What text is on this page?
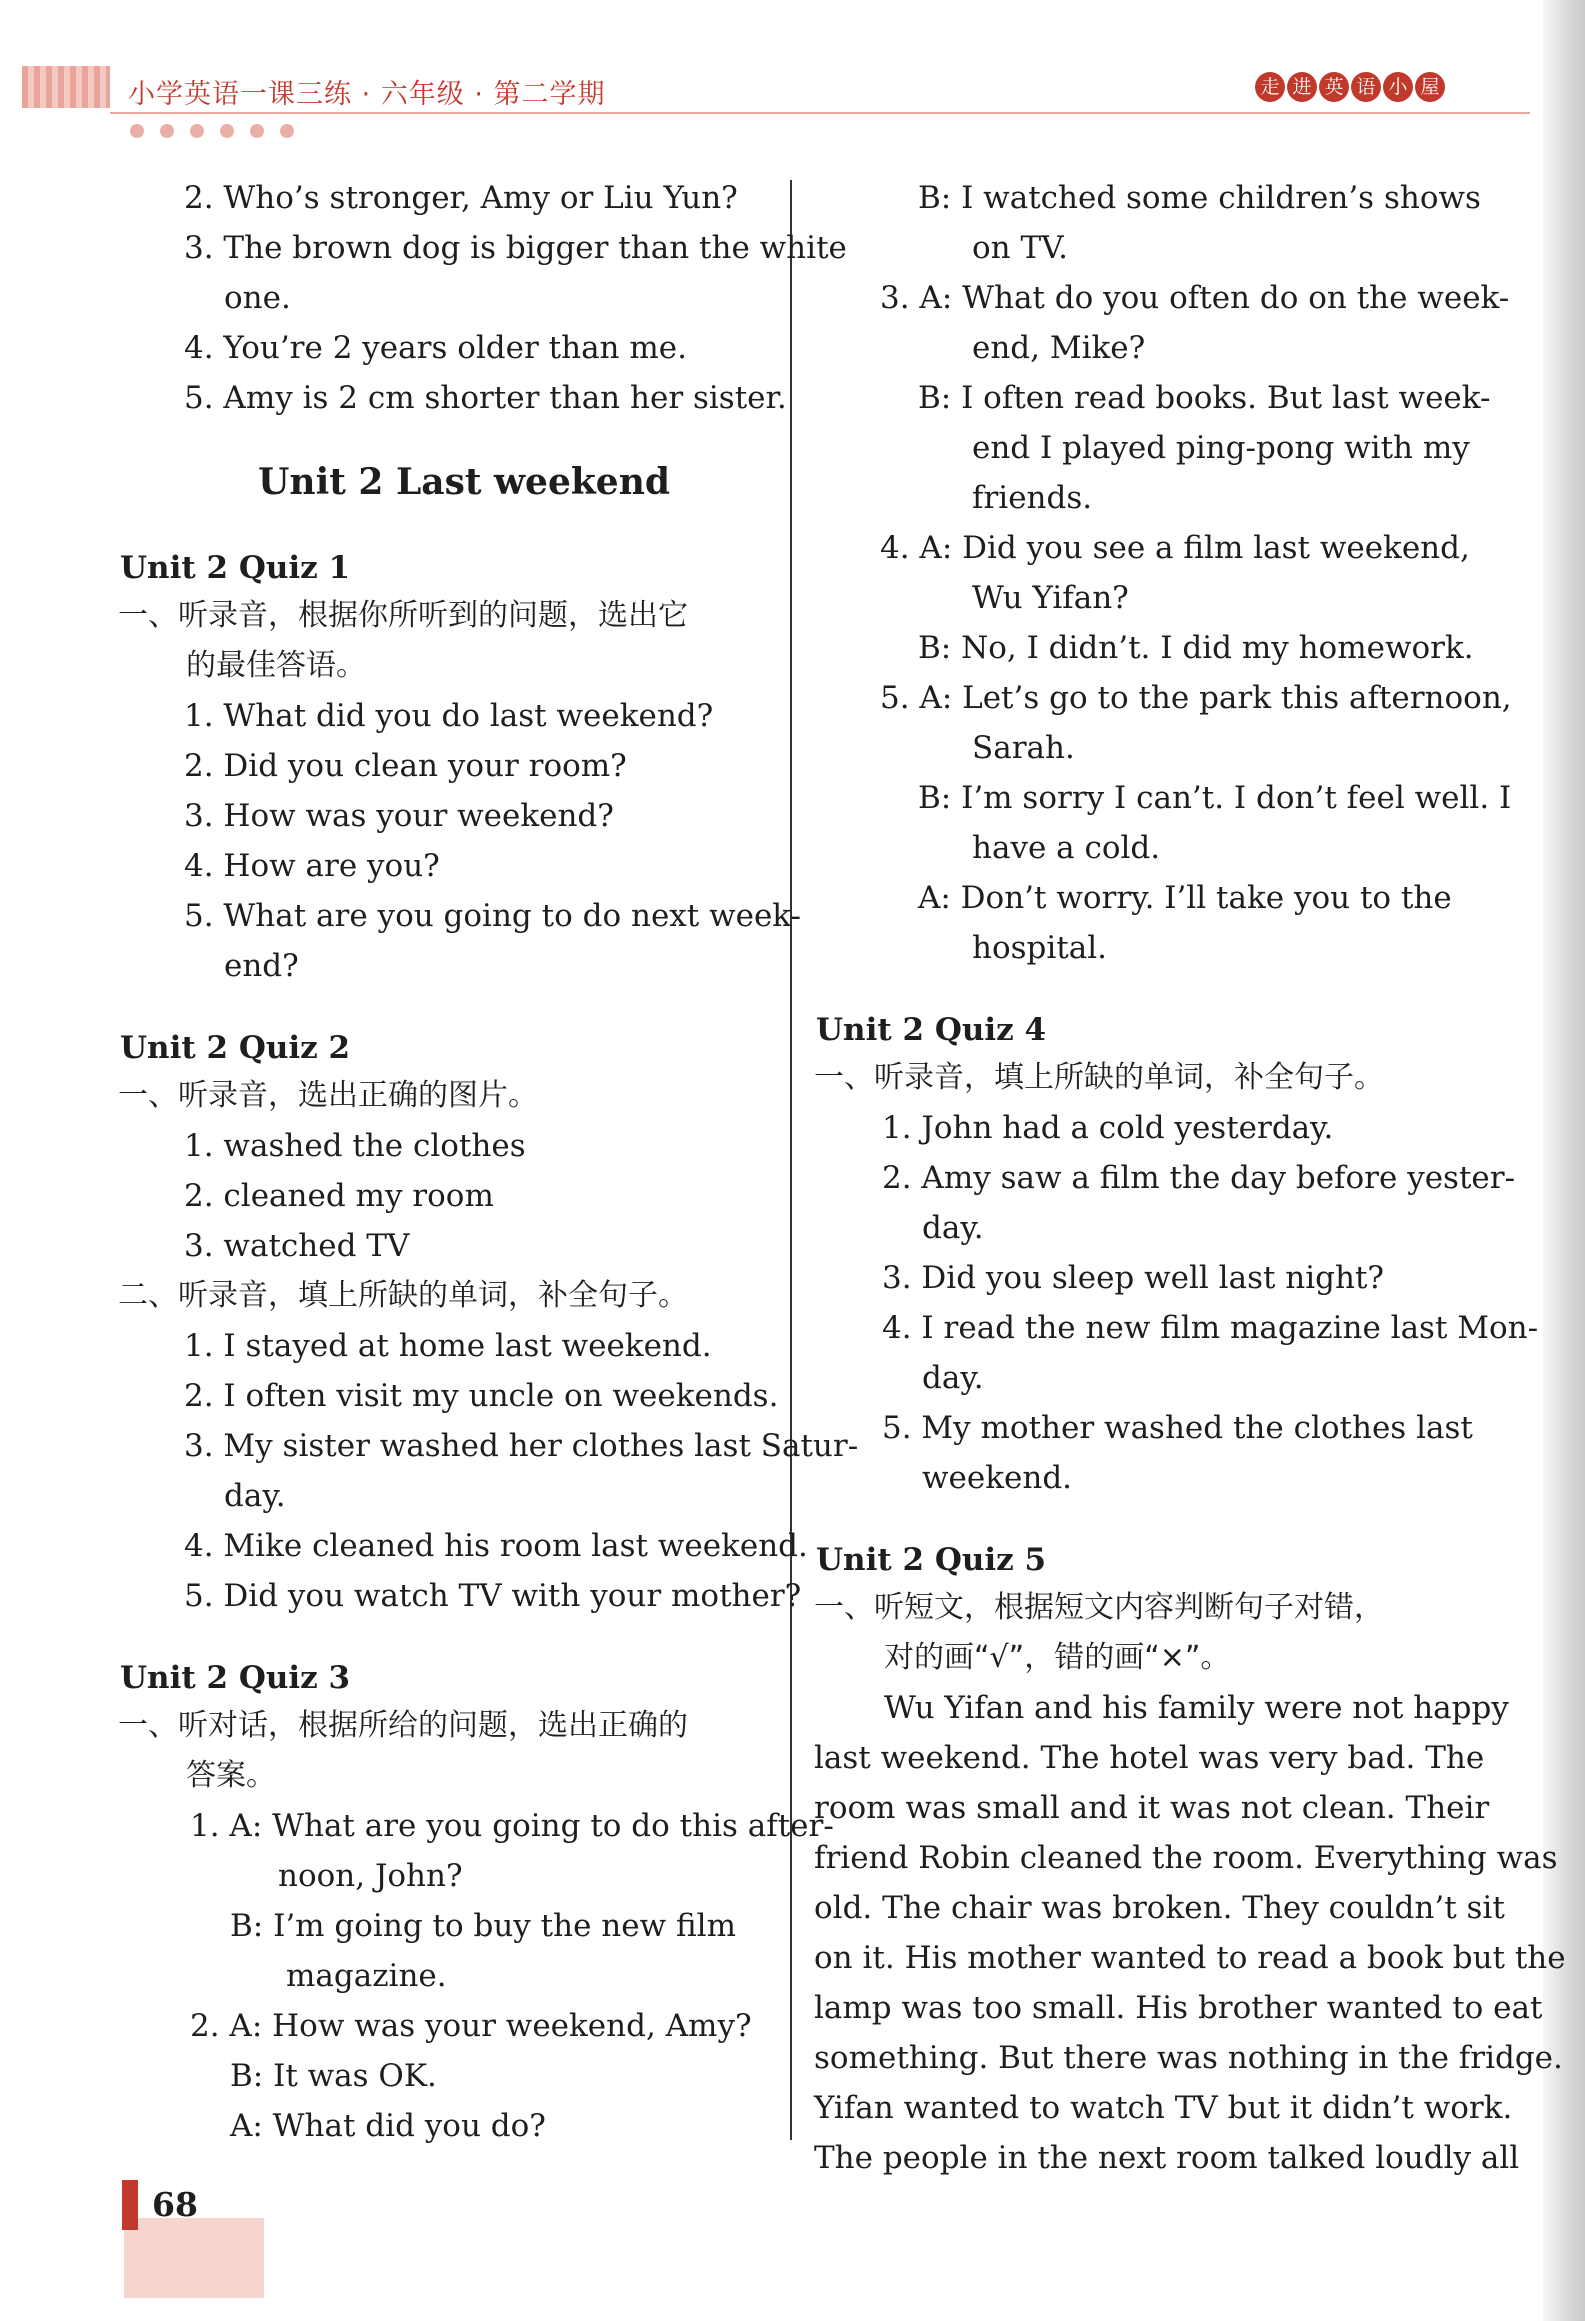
小学英语一课三练 · 六年级 · 第二学期	走 进 英 语 小 屋
2. Who’s stronger, Amy or Liu Yun?
3. The brown dog is bigger than the white
one.
4. You’re 2 years older than me.
5. Amy is 2 cm shorter than her sister.
Unit 2 Last weekend
Unit 2 Quiz 1
一、听录音，根据你所听到的问题，选出它
的最佳答语。
1. What did you do last weekend?
2. Did you clean your room?
3. How was your weekend?
4. How are you?
5. What are you going to do next week-
end?
Unit 2 Quiz 2
一、听录音，选出正确的图片。
1. washed the clothes
2. cleaned my room
3. watched TV
二、听录音，填上所缺的单词，补全句子。
1. I stayed at home last weekend.
2. I often visit my uncle on weekends.
3. My sister washed her clothes last Satur-
day.
4. Mike cleaned his room last weekend.
5. Did you watch TV with your mother?
Unit 2 Quiz 3
一、听对话，根据所给的问题，选出正确的
答案。
1. A: What are you going to do this after-
noon, John?
B: I’m going to buy the new film
magazine.
2. A: How was your weekend, Amy?
B: It was OK.
A: What did you do?
B: I watched some children’s shows
on TV.
3. A: What do you often do on the week-
end, Mike?
B: I often read books. But last week-
end I played ping-pong with my
friends.
4. A: Did you see a film last weekend,
Wu Yifan?
B: No, I didn’t. I did my homework.
5. A: Let’s go to the park this afternoon,
Sarah.
B: I’m sorry I can’t. I don’t feel well. I
have a cold.
A: Don’t worry. I’ll take you to the
hospital.
Unit 2 Quiz 4
一、听录音，填上所缺的单词，补全句子。
1. John had a cold yesterday.
2. Amy saw a film the day before yester-
day.
3. Did you sleep well last night?
4. I read the new film magazine last Mon-
day.
5. My mother washed the clothes last
weekend.
Unit 2 Quiz 5
一、听短文，根据短文内容判断句子对错，
对的画“√”，错的画“×”。
Wu Yifan and his family were not happy
last weekend. The hotel was very bad. The
room was small and it was not clean. Their
friend Robin cleaned the room. Everything was
old. The chair was broken. They couldn’t sit
on it. His mother wanted to read a book but the
lamp was too small. His brother wanted to eat
something. But there was nothing in the fridge.
Yifan wanted to watch TV but it didn’t work.
The people in the next room talked loudly all
68
